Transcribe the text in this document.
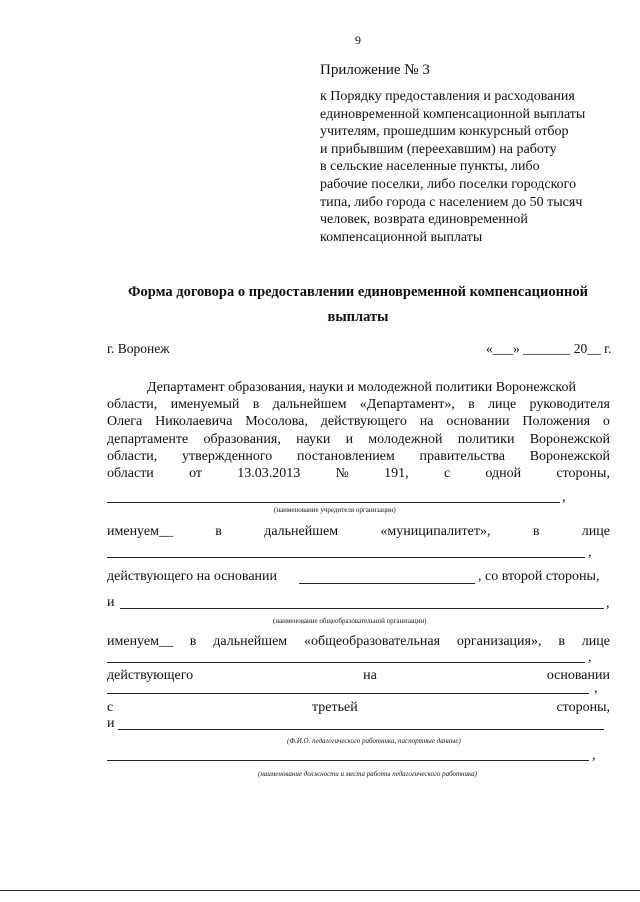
9
Приложение № 3
к Порядку предоставления и расходования
единовременной компенсационной выплаты
учителям, прошедшим конкурсный отбор
и прибывшим (переехавшим) на работу
в сельские населенные пункты, либо
рабочие поселки, либо поселки городского
типа, либо города с населением до 50 тысяч
человек, возврата единовременной
компенсационной выплаты
Форма договора о предоставлении единовременной компенсационной
выплаты
г. Воронеж	«___» _______ 20__ г.
Департамент образования, науки и молодежной политики Воронежской
области, именуемый в дальнейшем «Департамент», в лице руководителя
Олега Николаевича Мосолова, действующего на основании Положения о
департаменте образования, науки и молодежной политики Воронежской
области, утвержденного постановлением правительства Воронежской
области	от	13.03.2013	№	191,	с	одной	стороны,
,
(наименование учредителя организации)
именуем__	в	дальнейшем	«муниципалитет»,	в	лице
,
действующего на основании	, со второй стороны,
и	,
(наименование общеобразовательной организации)
именуем__ в дальнейшем «общеобразовательная организация», в лице
,
действующего	на	основании
,
с	третьей	стороны,
и
(Ф.И.О. педагогического работника, паспортные данные)
,
(наименование должности и места работы педагогического работника)
